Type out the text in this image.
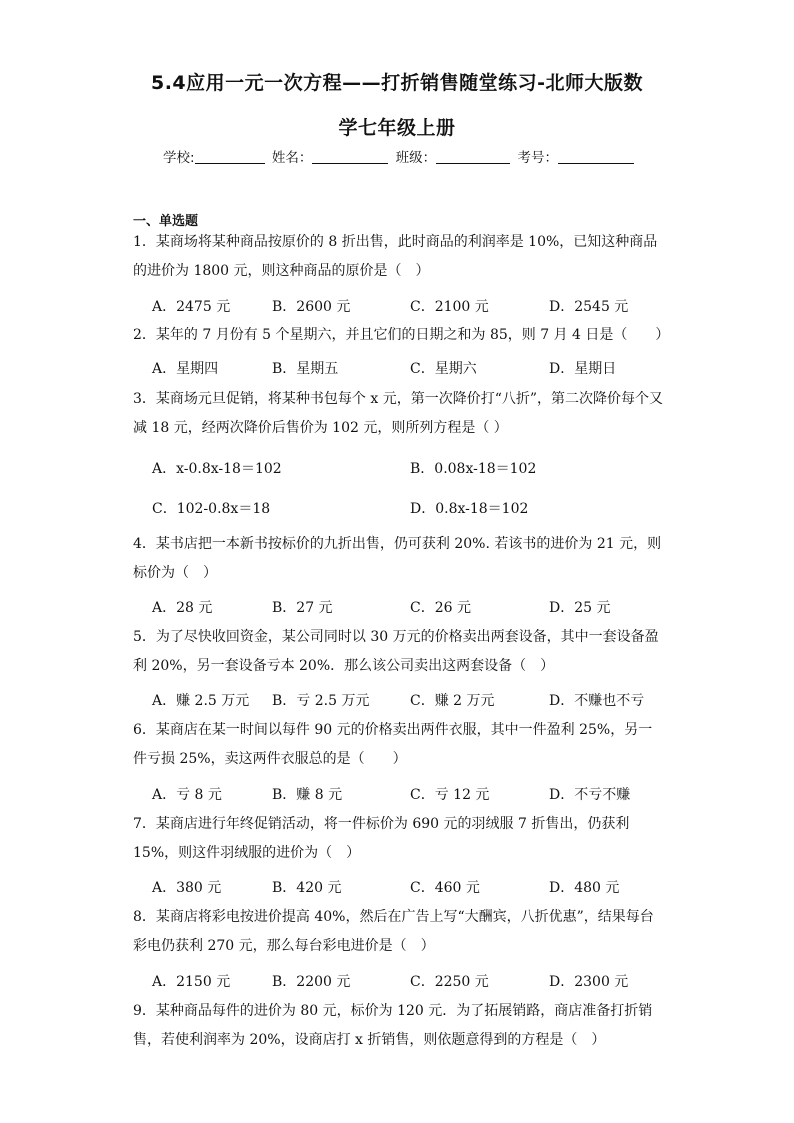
5.4应用一元一次方程——打折销售随堂练习-北师大版数
学七年级上册
学校:	姓名：	班级：	考号：
一、单选题
1．某商场将某种商品按原价的 8 折出售，此时商品的利润率是 10%，已知这种商品的进价为 1800 元，则这种商品的原价是（　）
A．2475 元	B．2600 元	C．2100 元	D．2545 元
2．某年的 7 月份有 5 个星期六，并且它们的日期之和为 85，则 7 月 4 日是（　　）
A．星期四	B．星期五	C．星期六	D．星期日
3．某商场元旦促销，将某种书包每个 x 元，第一次降价打“八折”，第二次降价每个又减 18 元，经两次降价后售价为 102 元，则所列方程是（ ）
A．x-0.8x-18＝102	B．0.08x-18＝102
C．102-0.8x＝18	D．0.8x-18＝102
4．某书店把一本新书按标价的九折出售，仍可获利 20%. 若该书的进价为 21 元，则标价为（　）
A．28 元	B．27 元	C．26 元	D．25 元
5．为了尽快收回资金，某公司同时以 30 万元的价格卖出两套设备，其中一套设备盈利 20%，另一套设备亏本 20%．那么该公司卖出这两套设备（　）
A．赚 2.5 万元 B．亏 2.5 万元	C．赚 2 万元	D．不赚也不亏
6．某商店在某一时间以每件 90 元的价格卖出两件衣服，其中一件盈利 25%，另一件亏损 25%，卖这两件衣服总的是（　　）
A．亏 8 元	B．赚 8 元	C．亏 12 元	D．不亏不赚
7．某商店进行年终促销活动，将一件标价为 690 元的羽绒服 7 折售出，仍获利15%，则这件羽绒服的进价为（　）
A．380 元	B．420 元	C．460 元	D．480 元
8．某商店将彩电按进价提高 40%，然后在广告上写“大酬宾，八折优惠”，结果每台彩电仍获利 270 元，那么每台彩电进价是（　）
A．2150 元	B．2200 元	C．2250 元	D．2300 元
9．某种商品每件的进价为 80 元，标价为 120 元．为了拓展销路，商店准备打折销售，若使利润率为 20%，设商店打 x 折销售，则依题意得到的方程是（　）
